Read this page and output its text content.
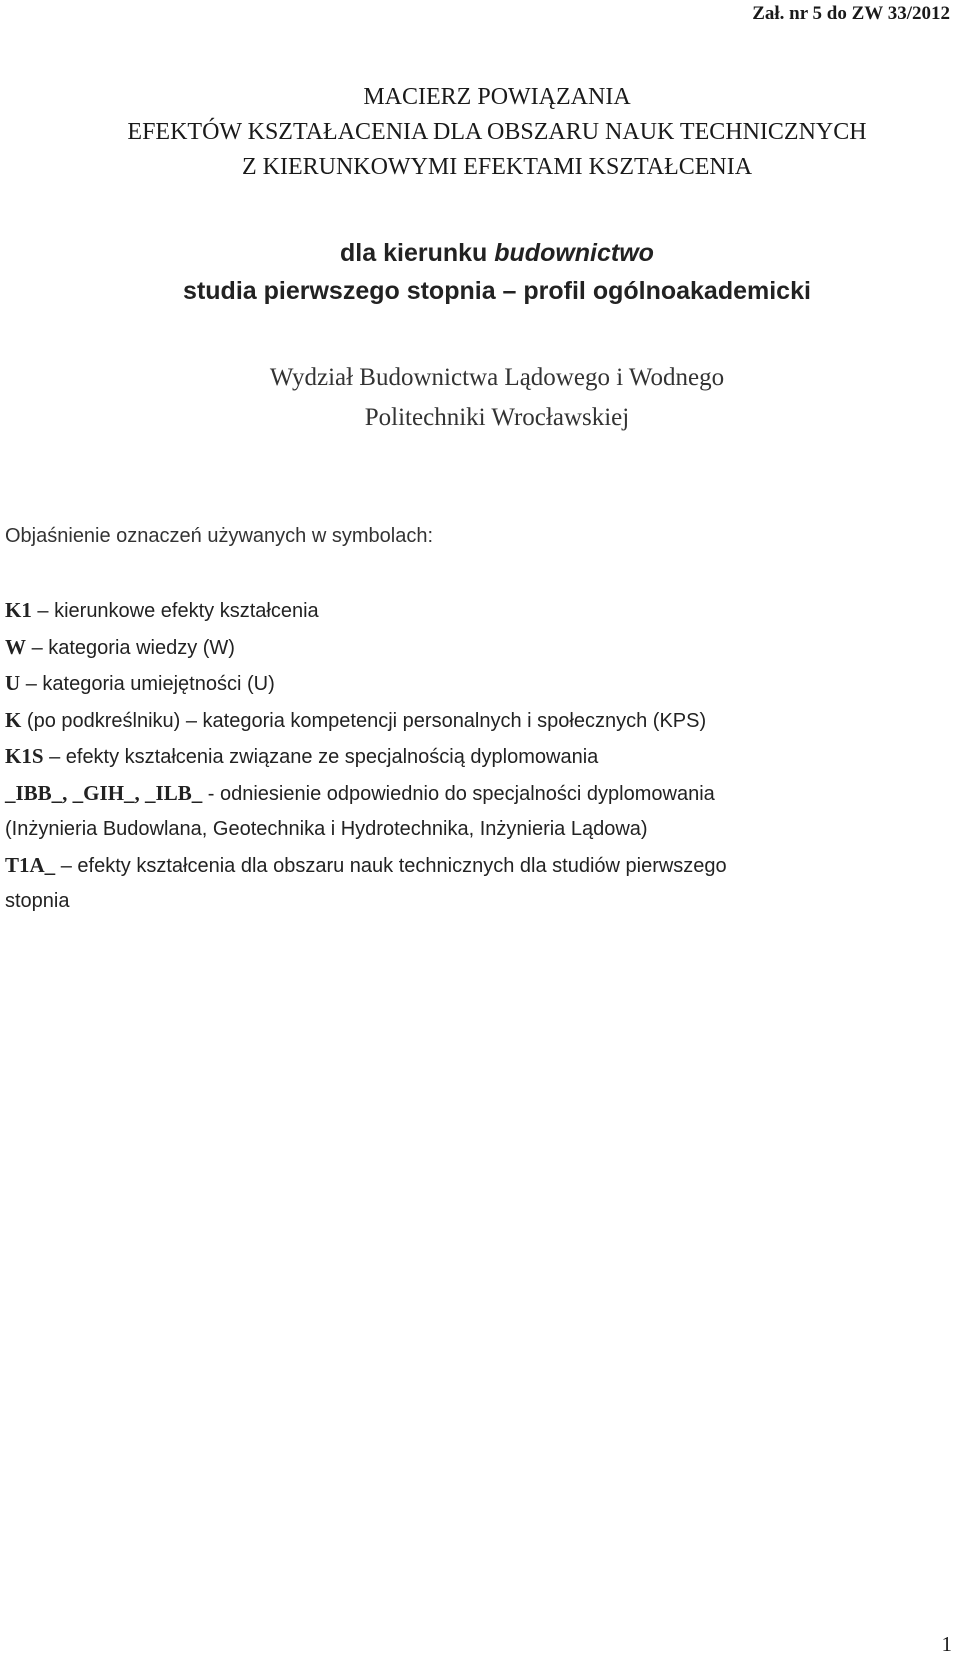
Zał. nr 5 do ZW 33/2012
MACIERZ POWIĄZANIA
EFEKTÓW KSZTAŁACENIA DLA OBSZARU NAUK TECHNICZNYCH
Z KIERUNKOWYMI EFEKTAMI KSZTAŁCENIA
dla kierunku budownictwo
studia pierwszego stopnia – profil ogólnoakademicki
Wydział Budownictwa Lądowego i Wodnego
Politechniki Wrocławskiej
Objaśnienie oznaczeń używanych w symbolach:
K1 – kierunkowe efekty kształcenia
W – kategoria wiedzy (W)
U – kategoria umiejętności (U)
K (po podkreślniku) – kategoria kompetencji personalnych i społecznych (KPS)
K1S – efekty kształcenia związane ze specjalnością dyplomowania
_IBB_, _GIH_, _ILB_ - odniesienie odpowiednio do specjalności dyplomowania
(Inżynieria Budowlana, Geotechnika i Hydrotechnika, Inżynieria Lądowa)
T1A_ – efekty kształcenia dla obszaru nauk technicznych dla studiów pierwszego
stopnia
1
